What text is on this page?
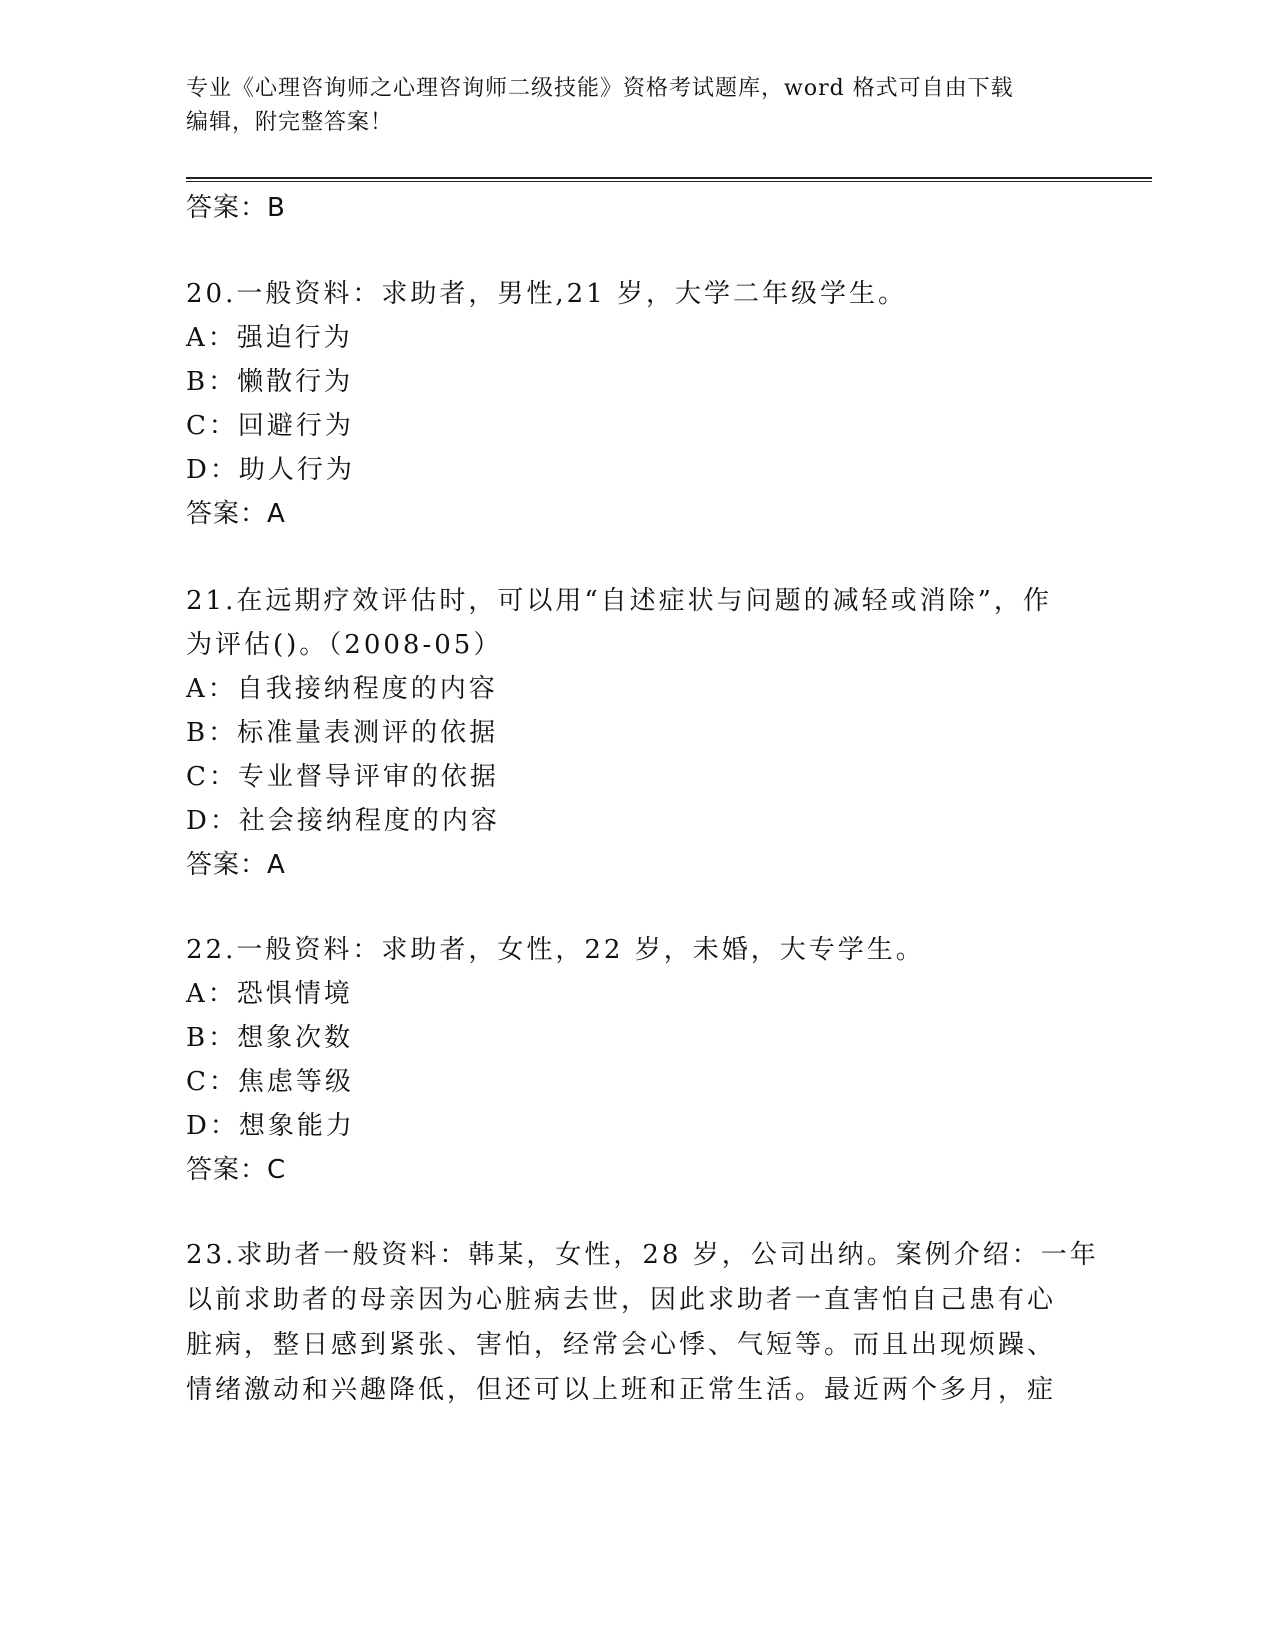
专业《心理咨询师之心理咨询师二级技能》资格考试题库，word 格式可自由下载
编辑，附完整答案！
答案：B
20.一般资料：求助者，男性,21 岁，大学二年级学生。
A：强迫行为
B：懒散行为
C：回避行为
D：助人行为
答案：A
21.在远期疗效评估时，可以用“自述症状与问题的减轻或消除”，作
为评估()。（2008-05）
A：自我接纳程度的内容
B：标准量表测评的依据
C：专业督导评审的依据
D：社会接纳程度的内容
答案：A
22.一般资料：求助者，女性，22 岁，未婚，大专学生。
A：恐惧情境
B：想象次数
C：焦虑等级
D：想象能力
答案：C
23.求助者一般资料：韩某，女性，28 岁，公司出纳。案例介绍：一年
以前求助者的母亲因为心脏病去世，因此求助者一直害怕自己患有心
脏病，整日感到紧张、害怕，经常会心悸、气短等。而且出现烦躁、
情绪激动和兴趣降低，但还可以上班和正常生活。最近两个多月，症
